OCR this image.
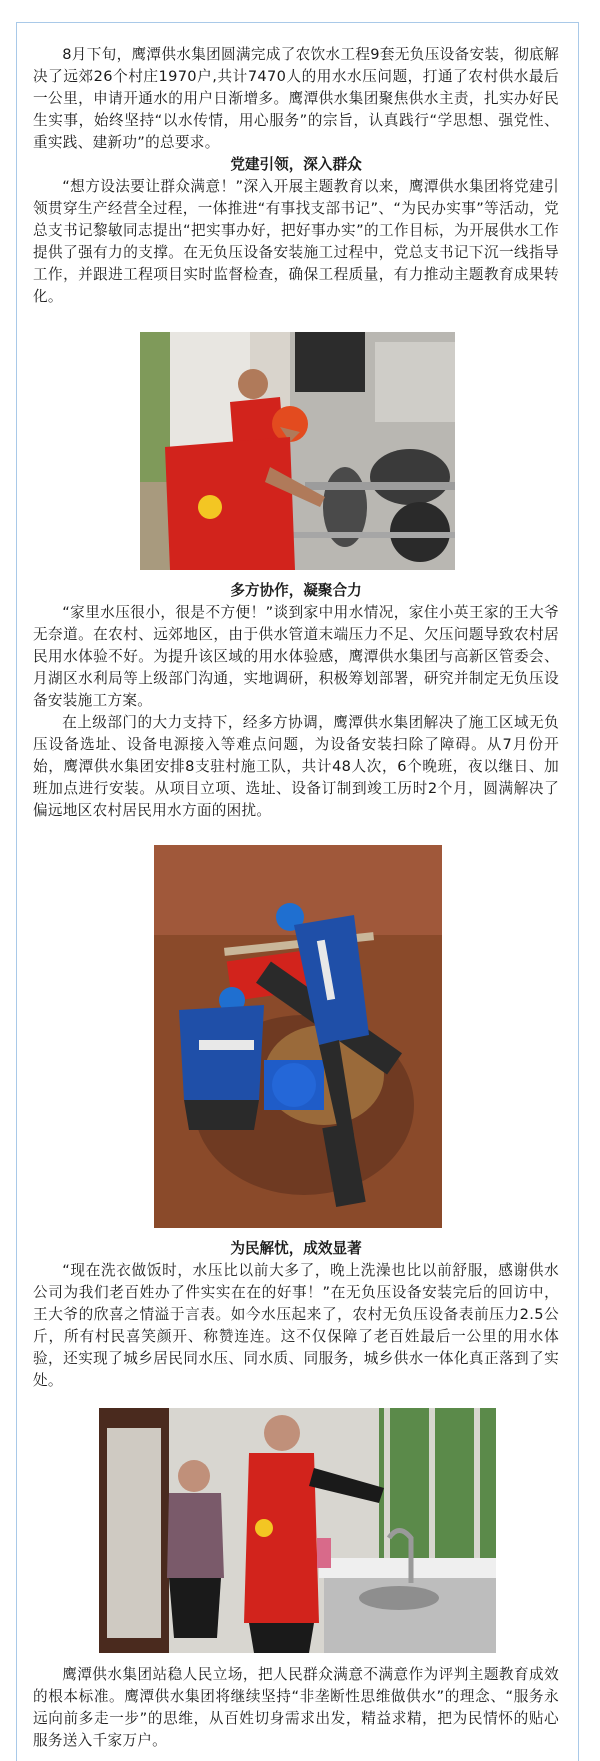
8月下旬，鹰潭供水集团圆满完成了农饮水工程9套无负压设备安装，彻底解决了远郊26个村庄1970户,共计7470人的用水水压问题，打通了农村供水最后一公里，申请开通水的用户日渐增多。鹰潭供水集团聚焦供水主责，扎实办好民生实事，始终坚持“以水传情，用心服务”的宗旨，认真践行“学思想、强党性、重实践、建新功”的总要求。

党建引领，深入群众

“想方设法要让群众满意！”深入开展主题教育以来，鹰潭供水集团将党建引领贯穿生产经营全过程，一体推进“有事找支部书记”、“为民办实事”等活动，党总支书记黎敏同志提出“把实事办好，把好事办实”的工作目标，为开展供水工作提供了强有力的支撑。在无负压设备安装施工过程中，党总支书记下沉一线指导工作，并跟进工程项目实时监督检查，确保工程质量，有力推动主题教育成果转化。

多方协作，凝聚合力

“家里水压很小，很是不方便！”谈到家中用水情况，家住小英王家的王大爷无奈道。在农村、远郊地区，由于供水管道末端压力不足、欠压问题导致农村居民用水体验不好。为提升该区域的用水体验感，鹰潭供水集团与高新区管委会、月湖区水利局等上级部门沟通，实地调研，积极筹划部署，研究并制定无负压设备安装施工方案。

在上级部门的大力支持下，经多方协调，鹰潭供水集团解决了施工区域无负压设备选址、设备电源接入等难点问题，为设备安装扫除了障碍。从7月份开始，鹰潭供水集团安排8支驻村施工队，共计48人次，6个晚班，夜以继日、加班加点进行安装。从项目立项、选址、设备订制到竣工历时2个月，圆满解决了偏远地区农村居民用水方面的困扰。

为民解忧，成效显著

“现在洗衣做饭时，水压比以前大多了，晚上洗澡也比以前舒服，感谢供水公司为我们老百姓办了件实实在在的好事！”在无负压设备安装完后的回访中，王大爷的欣喜之情溢于言表。如今水压起来了，农村无负压设备表前压力2.5公斤，所有村民喜笑颜开、称赞连连。这不仅保障了老百姓最后一公里的用水体验，还实现了城乡居民同水压、同水质、同服务，城乡供水一体化真正落到了实处。

鹰潭供水集团站稳人民立场，把人民群众满意不满意作为评判主题教育成效的根本标准。鹰潭供水集团将继续坚持“非垄断性思维做供水”的理念、“服务永远向前多走一步”的思维，从百姓切身需求出发，精益求精，把为民情怀的贴心服务送入千家万户。
